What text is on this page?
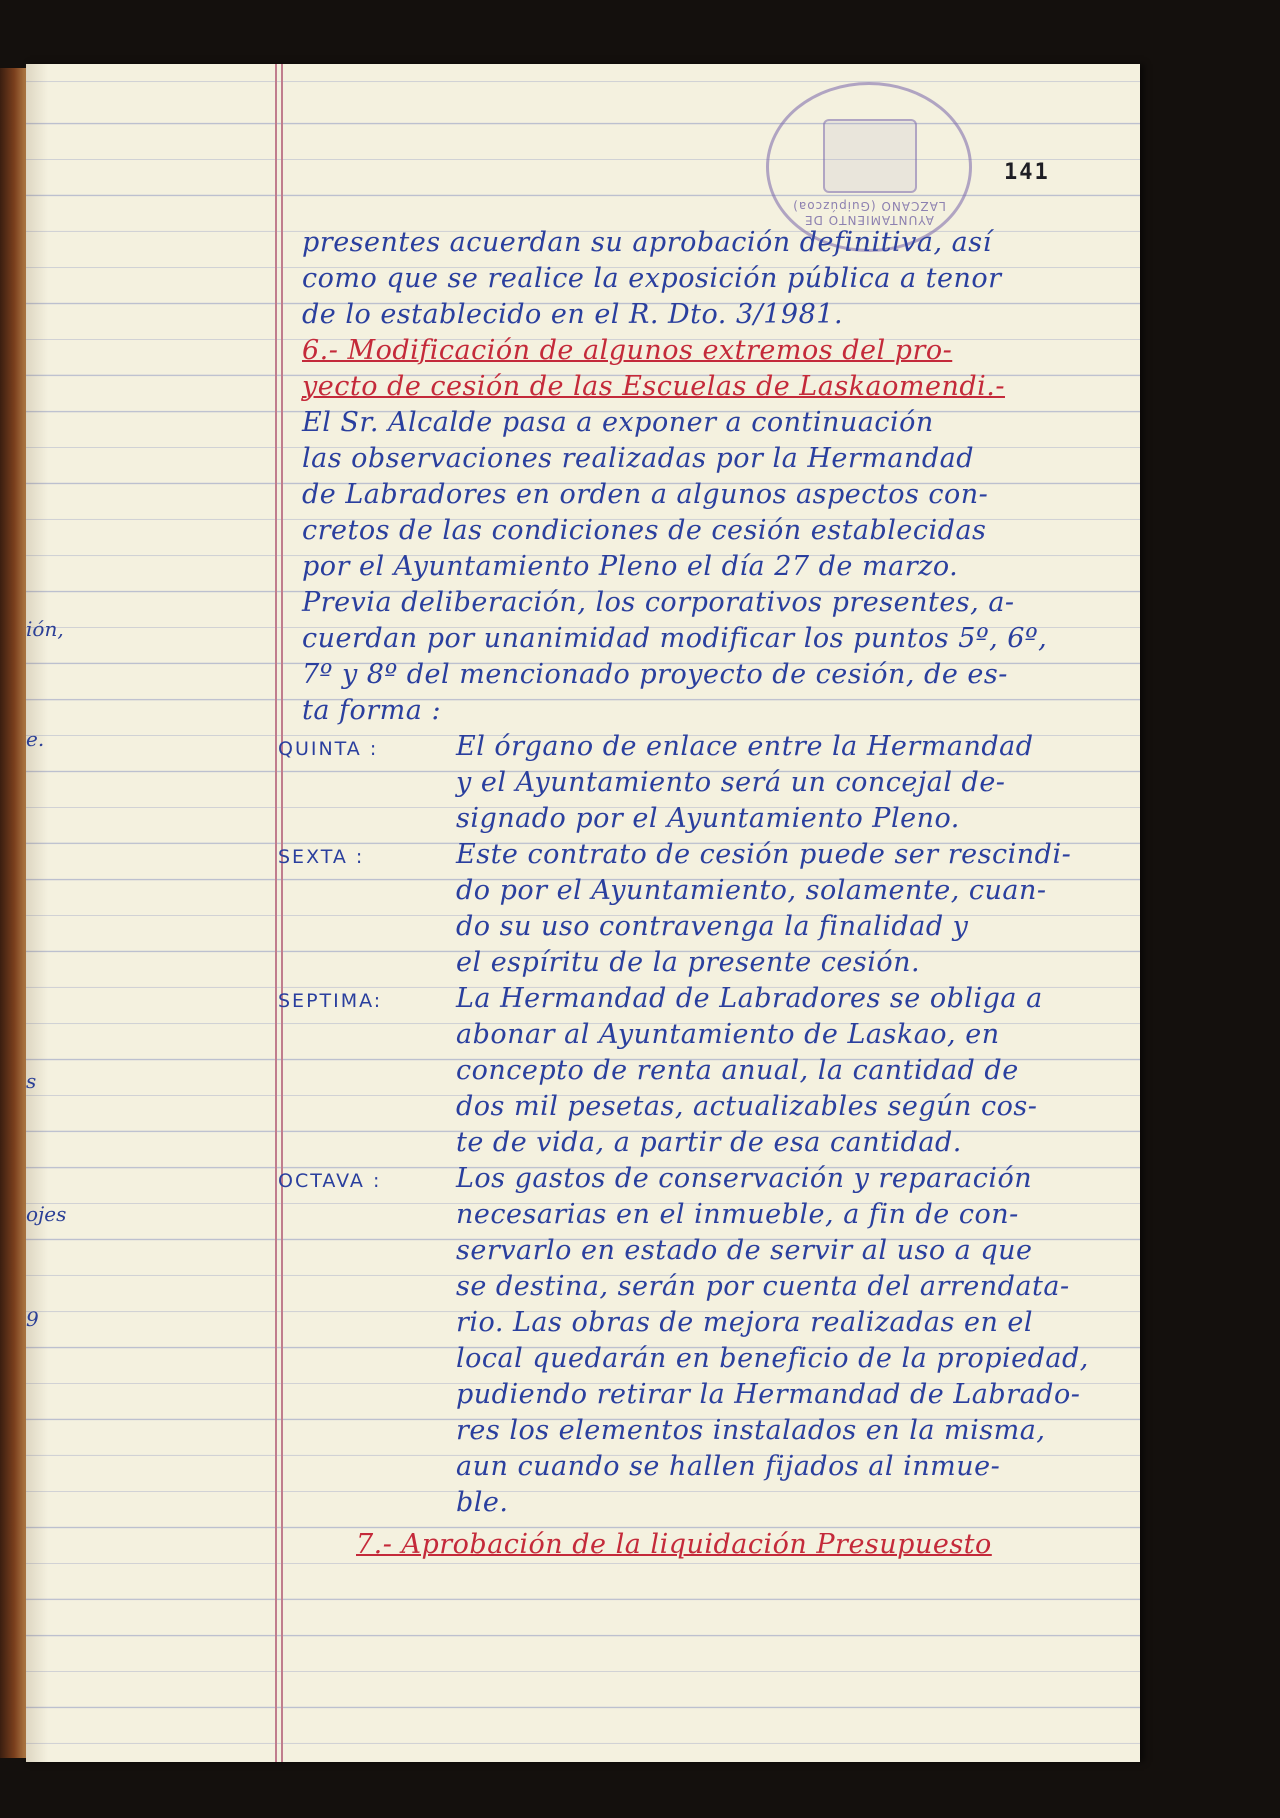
ión,
e.
s
ojes
9
AYUNTAMIENTO DE LAZCANO (Guipúzcoa)
141
presentes acuerdan su aprobación definitiva, así
como que se realice la exposición pública a tenor
de lo establecido en el R. Dto. 3/1981.
6.- Modificación de algunos extremos del pro-
yecto de cesión de las Escuelas de Laskaomendi.-
El Sr. Alcalde pasa a exponer a continuación
las observaciones realizadas por la Hermandad
de Labradores en orden a algunos aspectos con-
cretos de las condiciones de cesión establecidas
por el Ayuntamiento Pleno el día 27 de marzo.
Previa deliberación, los corporativos presentes, a-
cuerdan por unanimidad modificar los puntos 5º, 6º,
7º y 8º del mencionado proyecto de cesión, de es-
ta forma :
QUINTA :	El órgano de enlace entre la Hermandad
y el Ayuntamiento será un concejal de-
signado por el Ayuntamiento Pleno.
SEXTA :	Este contrato de cesión puede ser rescindi-
do por el Ayuntamiento, solamente, cuan-
do su uso contravenga la finalidad y
el espíritu de la presente cesión.
SEPTIMA:	La Hermandad de Labradores se obliga a
abonar al Ayuntamiento de Laskao, en
concepto de renta anual, la cantidad de
dos mil pesetas, actualizables según cos-
te de vida, a partir de esa cantidad.
OCTAVA :	Los gastos de conservación y reparación
necesarias en el inmueble, a fin de con-
servarlo en estado de servir al uso a que
se destina, serán por cuenta del arrendata-
rio. Las obras de mejora realizadas en el
local quedarán en beneficio de la propiedad,
pudiendo retirar la Hermandad de Labrado-
res los elementos instalados en la misma,
aun cuando se hallen fijados al inmue-
ble.
7.- Aprobación de la liquidación Presupuesto
